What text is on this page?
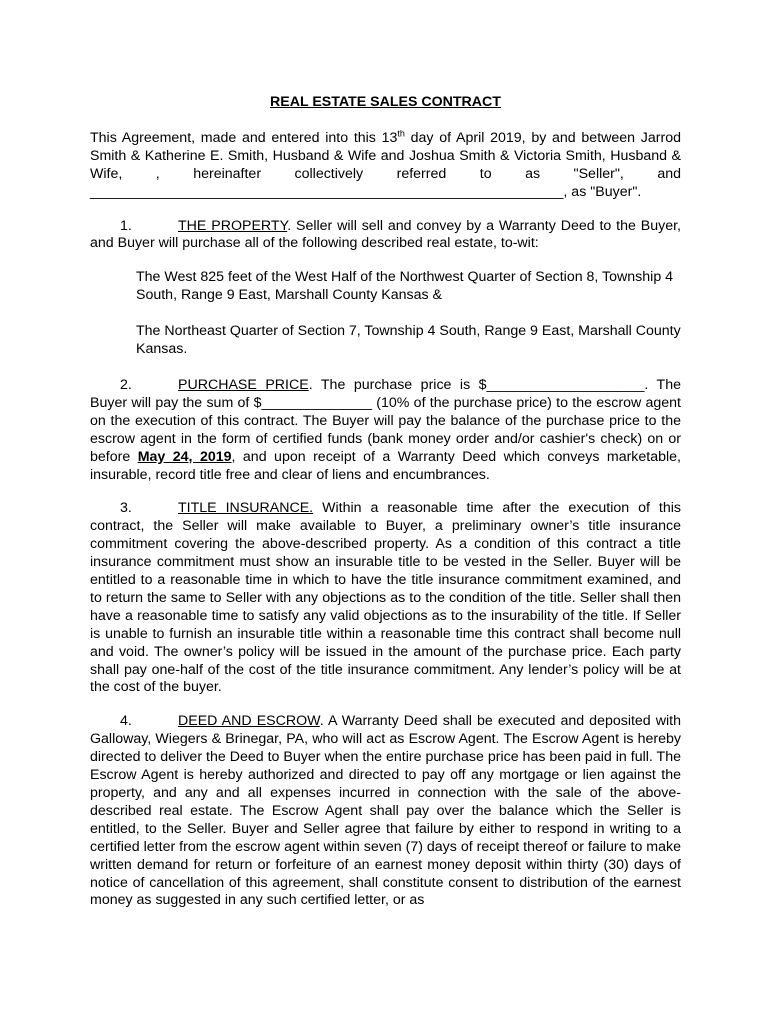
REAL ESTATE SALES CONTRACT

This Agreement, made and entered into this 13th day of April 2019, by and between Jarrod Smith & Katherine E. Smith, Husband & Wife and Joshua Smith & Victoria Smith, Husband & Wife, , hereinafter collectively referred to as "Seller", and ____________________________________________________________, as "Buyer".

1.	THE PROPERTY. Seller will sell and convey by a Warranty Deed to the Buyer, and Buyer will purchase all of the following described real estate, to-wit:

The West 825 feet of the West Half of the Northwest Quarter of Section 8, Township 4 South, Range 9 East, Marshall County Kansas &

The Northeast Quarter of Section 7, Township 4 South, Range 9 East, Marshall County Kansas.

2.	PURCHASE PRICE. The purchase price is $____________________. The Buyer will pay the sum of $______________ (10% of the purchase price) to the escrow agent on the execution of this contract. The Buyer will pay the balance of the purchase price to the escrow agent in the form of certified funds (bank money order and/or cashier's check) on or before May 24, 2019, and upon receipt of a Warranty Deed which conveys marketable, insurable, record title free and clear of liens and encumbrances.

3.	TITLE INSURANCE. Within a reasonable time after the execution of this contract, the Seller will make available to Buyer, a preliminary owner’s title insurance commitment covering the above-described property. As a condition of this contract a title insurance commitment must show an insurable title to be vested in the Seller. Buyer will be entitled to a reasonable time in which to have the title insurance commitment examined, and to return the same to Seller with any objections as to the condition of the title. Seller shall then have a reasonable time to satisfy any valid objections as to the insurability of the title. If Seller is unable to furnish an insurable title within a reasonable time this contract shall become null and void. The owner’s policy will be issued in the amount of the purchase price. Each party shall pay one-half of the cost of the title insurance commitment. Any lender’s policy will be at the cost of the buyer.

4.	DEED AND ESCROW. A Warranty Deed shall be executed and deposited with Galloway, Wiegers & Brinegar, PA, who will act as Escrow Agent. The Escrow Agent is hereby directed to deliver the Deed to Buyer when the entire purchase price has been paid in full. The Escrow Agent is hereby authorized and directed to pay off any mortgage or lien against the property, and any and all expenses incurred in connection with the sale of the above-described real estate. The Escrow Agent shall pay over the balance which the Seller is entitled, to the Seller. Buyer and Seller agree that failure by either to respond in writing to a certified letter from the escrow agent within seven (7) days of receipt thereof or failure to make written demand for return or forfeiture of an earnest money deposit within thirty (30) days of notice of cancellation of this agreement, shall constitute consent to distribution of the earnest money as suggested in any such certified letter, or as
